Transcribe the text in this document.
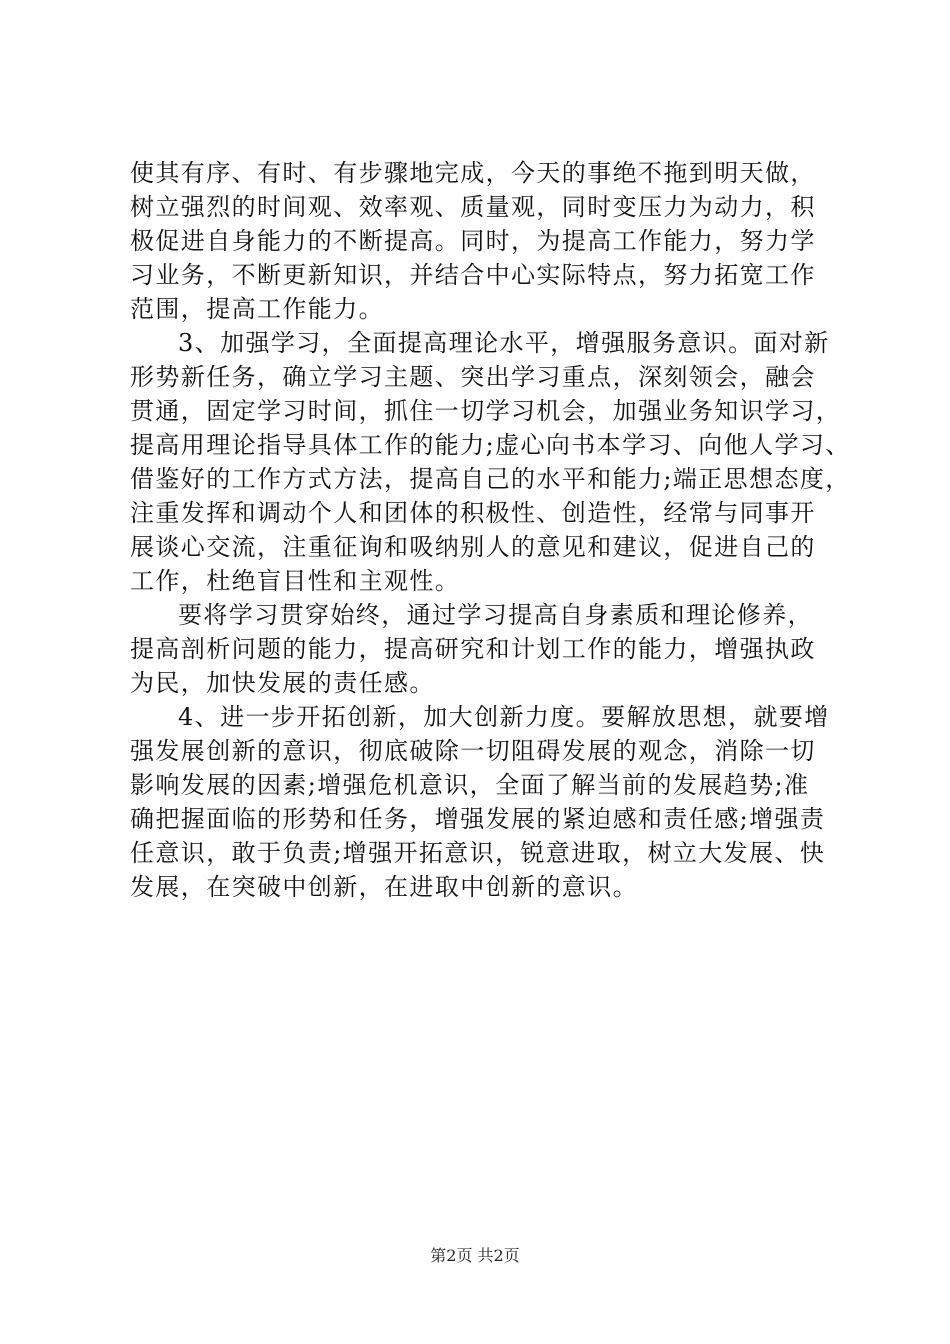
使其有序、有时、有步骤地完成，今天的事绝不拖到明天做，
树立强烈的时间观、效率观、质量观，同时变压力为动力，积
极促进自身能力的不断提高。同时，为提高工作能力，努力学
习业务，不断更新知识，并结合中心实际特点，努力拓宽工作
范围，提高工作能力。
3、加强学习，全面提高理论水平，增强服务意识。面对新
形势新任务，确立学习主题、突出学习重点，深刻领会，融会
贯通，固定学习时间，抓住一切学习机会，加强业务知识学习，
提高用理论指导具体工作的能力;虚心向书本学习、向他人学习、
借鉴好的工作方式方法，提高自己的水平和能力;端正思想态度，
注重发挥和调动个人和团体的积极性、创造性，经常与同事开
展谈心交流，注重征询和吸纳别人的意见和建议，促进自己的
工作，杜绝盲目性和主观性。
要将学习贯穿始终，通过学习提高自身素质和理论修养，
提高剖析问题的能力，提高研究和计划工作的能力，增强执政
为民，加快发展的责任感。
4、进一步开拓创新，加大创新力度。要解放思想，就要增
强发展创新的意识，彻底破除一切阻碍发展的观念，消除一切
影响发展的因素;增强危机意识，全面了解当前的发展趋势;准
确把握面临的形势和任务，增强发展的紧迫感和责任感;增强责
任意识，敢于负责;增强开拓意识，锐意进取，树立大发展、快
发展，在突破中创新，在进取中创新的意识。
第2页 共2页
